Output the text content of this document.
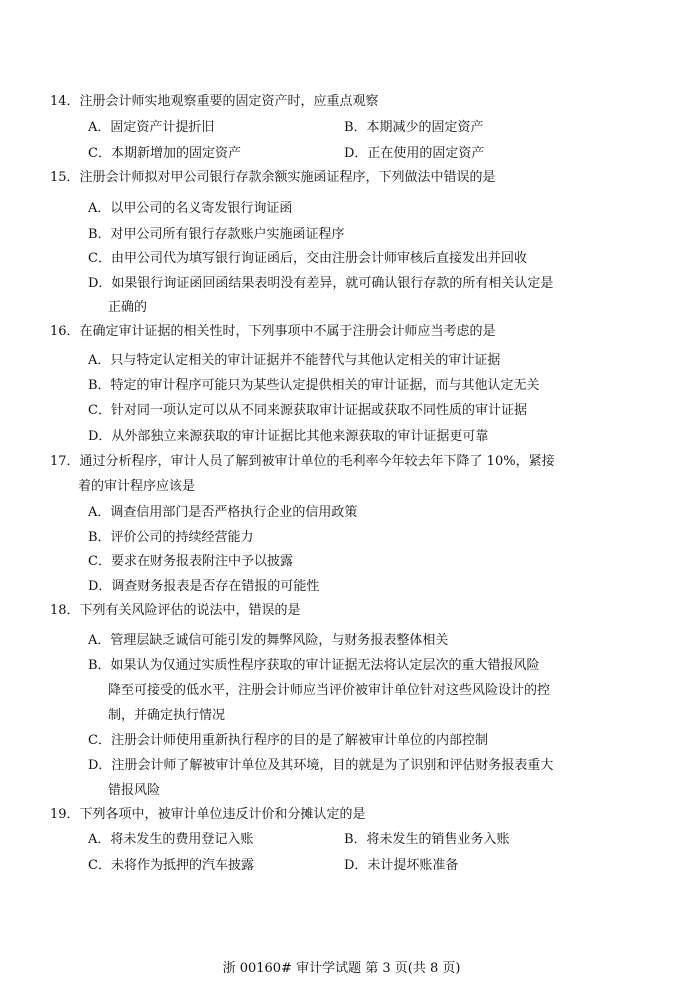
14．注册会计师实地观察重要的固定资产时，应重点观察
A．固定资产计提折旧	B．本期减少的固定资产
C．本期新增加的固定资产	D．正在使用的固定资产
15．注册会计师拟对甲公司银行存款余额实施函证程序，下列做法中错误的是
A．以甲公司的名义寄发银行询证函
B．对甲公司所有银行存款账户实施函证程序
C．由甲公司代为填写银行询证函后，交由注册会计师审核后直接发出并回收
D．如果银行询证函回函结果表明没有差异，就可确认银行存款的所有相关认定是
正确的
16．在确定审计证据的相关性时，下列事项中不属于注册会计师应当考虑的是
A．只与特定认定相关的审计证据并不能替代与其他认定相关的审计证据
B．特定的审计程序可能只为某些认定提供相关的审计证据，而与其他认定无关
C．针对同一项认定可以从不同来源获取审计证据或获取不同性质的审计证据
D．从外部独立来源获取的审计证据比其他来源获取的审计证据更可靠
17．通过分析程序，审计人员了解到被审计单位的毛利率今年较去年下降了 10%，紧接
着的审计程序应该是
A．调查信用部门是否严格执行企业的信用政策
B．评价公司的持续经营能力
C．要求在财务报表附注中予以披露
D．调查财务报表是否存在错报的可能性
18．下列有关风险评估的说法中，错误的是
A．管理层缺乏诚信可能引发的舞弊风险，与财务报表整体相关
B．如果认为仅通过实质性程序获取的审计证据无法将认定层次的重大错报风险
降至可接受的低水平，注册会计师应当评价被审计单位针对这些风险设计的控
制，并确定执行情况
C．注册会计师使用重新执行程序的目的是了解被审计单位的内部控制
D．注册会计师了解被审计单位及其环境，目的就是为了识别和评估财务报表重大
错报风险
19．下列各项中，被审计单位违反计价和分摊认定的是
A．将未发生的费用登记入账	B．将未发生的销售业务入账
C．未将作为抵押的汽车披露	D．未计提坏账准备
浙 00160# 审计学试题 第 3 页(共 8 页)
